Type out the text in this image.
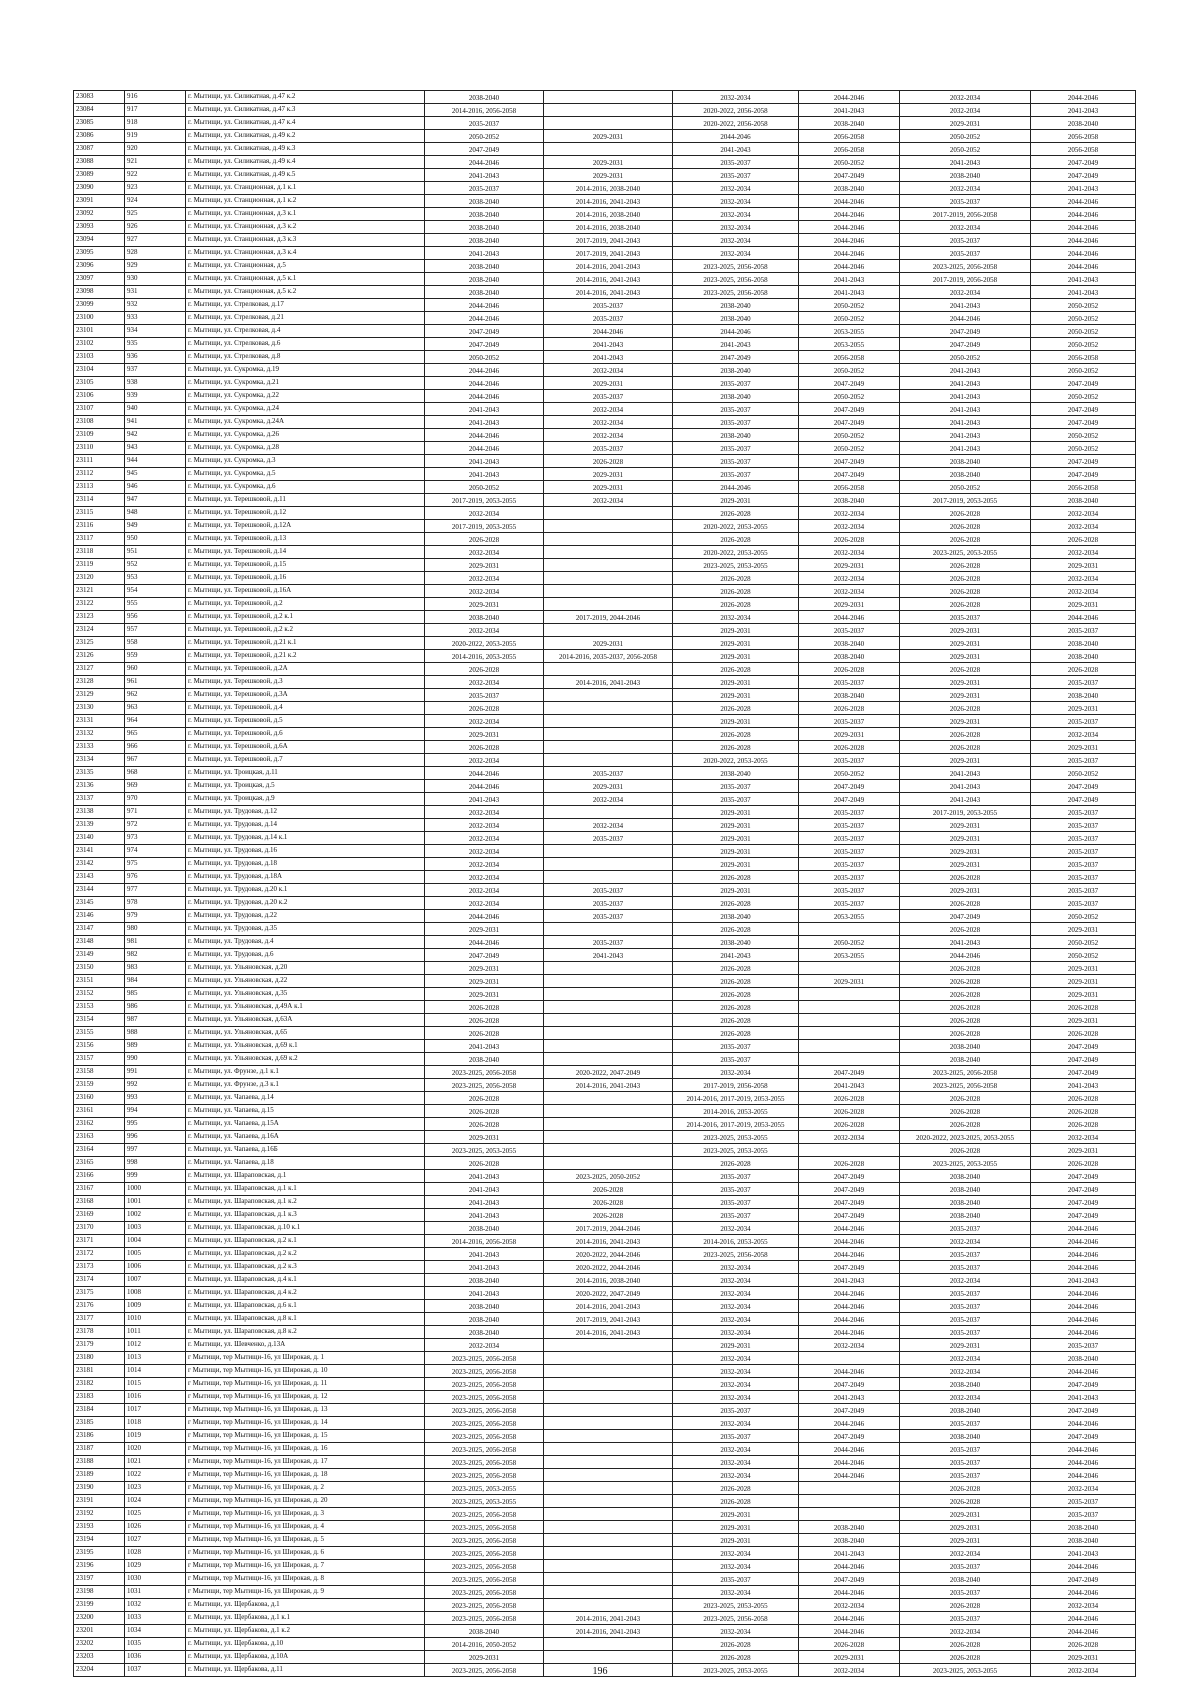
23083	916	г. Мытищи, ул. Силикатная, д.47 к.2	2038-2040		2032-2034	2044-2046	2032-2034	2044-2046
23084	917	г. Мытищи, ул. Силикатная, д.47 к.3	2014-2016, 2056-2058		2020-2022, 2056-2058	2041-2043	2032-2034	2041-2043
23085	918	г. Мытищи, ул. Силикатная, д.47 к.4	2035-2037		2020-2022, 2056-2058	2038-2040	2029-2031	2038-2040
23086	919	г. Мытищи, ул. Силикатная, д.49 к.2	2050-2052	2029-2031	2044-2046	2056-2058	2050-2052	2056-2058
23087	920	г. Мытищи, ул. Силикатная, д.49 к.3	2047-2049		2041-2043	2056-2058	2050-2052	2056-2058
23088	921	г. Мытищи, ул. Силикатная, д.49 к.4	2044-2046	2029-2031	2035-2037	2050-2052	2041-2043	2047-2049
23089	922	г. Мытищи, ул. Силикатная, д.49 к.5	2041-2043	2029-2031	2035-2037	2047-2049	2038-2040	2047-2049
23090	923	г. Мытищи, ул. Станционная, д.1 к.1	2035-2037	2014-2016, 2038-2040	2032-2034	2038-2040	2032-2034	2041-2043
23091	924	г. Мытищи, ул. Станционная, д.1 к.2	2038-2040	2014-2016, 2041-2043	2032-2034	2044-2046	2035-2037	2044-2046
23092	925	г. Мытищи, ул. Станционная, д.3 к.1	2038-2040	2014-2016, 2038-2040	2032-2034	2044-2046	2017-2019, 2056-2058	2044-2046
23093	926	г. Мытищи, ул. Станционная, д.3 к.2	2038-2040	2014-2016, 2038-2040	2032-2034	2044-2046	2032-2034	2044-2046
23094	927	г. Мытищи, ул. Станционная, д.3 к.3	2038-2040	2017-2019, 2041-2043	2032-2034	2044-2046	2035-2037	2044-2046
23095	928	г. Мытищи, ул. Станционная, д.3 к.4	2041-2043	2017-2019, 2041-2043	2032-2034	2044-2046	2035-2037	2044-2046
23096	929	г. Мытищи, ул. Станционная, д.5	2038-2040	2014-2016, 2041-2043	2023-2025, 2056-2058	2044-2046	2023-2025, 2056-2058	2044-2046
23097	930	г. Мытищи, ул. Станционная, д.5 к.1	2038-2040	2014-2016, 2041-2043	2023-2025, 2056-2058	2041-2043	2017-2019, 2056-2058	2041-2043
23098	931	г. Мытищи, ул. Станционная, д.5 к.2	2038-2040	2014-2016, 2041-2043	2023-2025, 2056-2058	2041-2043	2032-2034	2041-2043
23099	932	г. Мытищи, ул. Стрелковая, д.17	2044-2046	2035-2037	2038-2040	2050-2052	2041-2043	2050-2052
23100	933	г. Мытищи, ул. Стрелковая, д.21	2044-2046	2035-2037	2038-2040	2050-2052	2044-2046	2050-2052
23101	934	г. Мытищи, ул. Стрелковая, д.4	2047-2049	2044-2046	2044-2046	2053-2055	2047-2049	2050-2052
23102	935	г. Мытищи, ул. Стрелковая, д.6	2047-2049	2041-2043	2041-2043	2053-2055	2047-2049	2050-2052
23103	936	г. Мытищи, ул. Стрелковая, д.8	2050-2052	2041-2043	2047-2049	2056-2058	2050-2052	2056-2058
23104	937	г. Мытищи, ул. Сукромка, д.19	2044-2046	2032-2034	2038-2040	2050-2052	2041-2043	2050-2052
23105	938	г. Мытищи, ул. Сукромка, д.21	2044-2046	2029-2031	2035-2037	2047-2049	2041-2043	2047-2049
23106	939	г. Мытищи, ул. Сукромка, д.22	2044-2046	2035-2037	2038-2040	2050-2052	2041-2043	2050-2052
23107	940	г. Мытищи, ул. Сукромка, д.24	2041-2043	2032-2034	2035-2037	2047-2049	2041-2043	2047-2049
23108	941	г. Мытищи, ул. Сукромка, д.24А	2041-2043	2032-2034	2035-2037	2047-2049	2041-2043	2047-2049
23109	942	г. Мытищи, ул. Сукромка, д.26	2044-2046	2032-2034	2038-2040	2050-2052	2041-2043	2050-2052
23110	943	г. Мытищи, ул. Сукромка, д.28	2044-2046	2035-2037	2035-2037	2050-2052	2041-2043	2050-2052
23111	944	г. Мытищи, ул. Сукромка, д.3	2041-2043	2026-2028	2035-2037	2047-2049	2038-2040	2047-2049
23112	945	г. Мытищи, ул. Сукромка, д.5	2041-2043	2029-2031	2035-2037	2047-2049	2038-2040	2047-2049
23113	946	г. Мытищи, ул. Сукромка, д.6	2050-2052	2029-2031	2044-2046	2056-2058	2050-2052	2056-2058
23114	947	г. Мытищи, ул. Терешковой, д.11	2017-2019, 2053-2055	2032-2034	2029-2031	2038-2040	2017-2019, 2053-2055	2038-2040
23115	948	г. Мытищи, ул. Терешковой, д.12	2032-2034		2026-2028	2032-2034	2026-2028	2032-2034
23116	949	г. Мытищи, ул. Терешковой, д.12А	2017-2019, 2053-2055		2020-2022, 2053-2055	2032-2034	2026-2028	2032-2034
23117	950	г. Мытищи, ул. Терешковой, д.13	2026-2028		2026-2028	2026-2028	2026-2028	2026-2028
23118	951	г. Мытищи, ул. Терешковой, д.14	2032-2034		2020-2022, 2053-2055	2032-2034	2023-2025, 2053-2055	2032-2034
23119	952	г. Мытищи, ул. Терешковой, д.15	2029-2031		2023-2025, 2053-2055	2029-2031	2026-2028	2029-2031
23120	953	г. Мытищи, ул. Терешковой, д.16	2032-2034		2026-2028	2032-2034	2026-2028	2032-2034
23121	954	г. Мытищи, ул. Терешковой, д.16А	2032-2034		2026-2028	2032-2034	2026-2028	2032-2034
23122	955	г. Мытищи, ул. Терешковой, д.2	2029-2031		2026-2028	2029-2031	2026-2028	2029-2031
23123	956	г. Мытищи, ул. Терешковой, д.2 к.1	2038-2040	2017-2019, 2044-2046	2032-2034	2044-2046	2035-2037	2044-2046
23124	957	г. Мытищи, ул. Терешковой, д.2 к.2	2032-2034		2029-2031	2035-2037	2029-2031	2035-2037
23125	958	г. Мытищи, ул. Терешковой, д.21 к.1	2020-2022, 2053-2055	2029-2031	2029-2031	2038-2040	2029-2031	2038-2040
23126	959	г. Мытищи, ул. Терешковой, д.21 к.2	2014-2016, 2053-2055	2014-2016, 2035-2037, 2056-2058	2029-2031	2038-2040	2029-2031	2038-2040
23127	960	г. Мытищи, ул. Терешковой, д.2А	2026-2028		2026-2028	2026-2028	2026-2028	2026-2028
23128	961	г. Мытищи, ул. Терешковой, д.3	2032-2034	2014-2016, 2041-2043	2029-2031	2035-2037	2029-2031	2035-2037
23129	962	г. Мытищи, ул. Терешковой, д.3А	2035-2037		2029-2031	2038-2040	2029-2031	2038-2040
23130	963	г. Мытищи, ул. Терешковой, д.4	2026-2028		2026-2028	2026-2028	2026-2028	2029-2031
23131	964	г. Мытищи, ул. Терешковой, д.5	2032-2034		2029-2031	2035-2037	2029-2031	2035-2037
23132	965	г. Мытищи, ул. Терешковой, д.6	2029-2031		2026-2028	2029-2031	2026-2028	2032-2034
23133	966	г. Мытищи, ул. Терешковой, д.6А	2026-2028		2026-2028	2026-2028	2026-2028	2029-2031
23134	967	г. Мытищи, ул. Терешковой, д.7	2032-2034		2020-2022, 2053-2055	2035-2037	2029-2031	2035-2037
23135	968	г. Мытищи, ул. Троицкая, д.11	2044-2046	2035-2037	2038-2040	2050-2052	2041-2043	2050-2052
23136	969	г. Мытищи, ул. Троицкая, д.5	2044-2046	2029-2031	2035-2037	2047-2049	2041-2043	2047-2049
23137	970	г. Мытищи, ул. Троицкая, д.9	2041-2043	2032-2034	2035-2037	2047-2049	2041-2043	2047-2049
23138	971	г. Мытищи, ул. Трудовая, д.12	2032-2034		2029-2031	2035-2037	2017-2019, 2053-2055	2035-2037
23139	972	г. Мытищи, ул. Трудовая, д.14	2032-2034	2032-2034	2029-2031	2035-2037	2029-2031	2035-2037
23140	973	г. Мытищи, ул. Трудовая, д.14 к.1	2032-2034	2035-2037	2029-2031	2035-2037	2029-2031	2035-2037
23141	974	г. Мытищи, ул. Трудовая, д.16	2032-2034		2029-2031	2035-2037	2029-2031	2035-2037
23142	975	г. Мытищи, ул. Трудовая, д.18	2032-2034		2029-2031	2035-2037	2029-2031	2035-2037
23143	976	г. Мытищи, ул. Трудовая, д.18А	2032-2034		2026-2028	2035-2037	2026-2028	2035-2037
23144	977	г. Мытищи, ул. Трудовая, д.20 к.1	2032-2034	2035-2037	2029-2031	2035-2037	2029-2031	2035-2037
23145	978	г. Мытищи, ул. Трудовая, д.20 к.2	2032-2034	2035-2037	2026-2028	2035-2037	2026-2028	2035-2037
23146	979	г. Мытищи, ул. Трудовая, д.22	2044-2046	2035-2037	2038-2040	2053-2055	2047-2049	2050-2052
23147	980	г. Мытищи, ул. Трудовая, д.35	2029-2031		2026-2028		2026-2028	2029-2031
23148	981	г. Мытищи, ул. Трудовая, д.4	2044-2046	2035-2037	2038-2040	2050-2052	2041-2043	2050-2052
23149	982	г. Мытищи, ул. Трудовая, д.6	2047-2049	2041-2043	2041-2043	2053-2055	2044-2046	2050-2052
23150	983	г. Мытищи, ул. Ульяновская, д.20	2029-2031		2026-2028		2026-2028	2029-2031
23151	984	г. Мытищи, ул. Ульяновская, д.22	2029-2031		2026-2028	2029-2031	2026-2028	2029-2031
23152	985	г. Мытищи, ул. Ульяновская, д.35	2029-2031		2026-2028		2026-2028	2029-2031
23153	986	г. Мытищи, ул. Ульяновская, д.49А к.1	2026-2028		2026-2028		2026-2028	2026-2028
23154	987	г. Мытищи, ул. Ульяновская, д.63А	2026-2028		2026-2028		2026-2028	2029-2031
23155	988	г. Мытищи, ул. Ульяновская, д.65	2026-2028		2026-2028		2026-2028	2026-2028
23156	989	г. Мытищи, ул. Ульяновская, д.69 к.1	2041-2043		2035-2037		2038-2040	2047-2049
23157	990	г. Мытищи, ул. Ульяновская, д.69 к.2	2038-2040		2035-2037		2038-2040	2047-2049
23158	991	г. Мытищи, ул. Фрунзе, д.1 к.1	2023-2025, 2056-2058	2020-2022, 2047-2049	2032-2034	2047-2049	2023-2025, 2056-2058	2047-2049
23159	992	г. Мытищи, ул. Фрунзе, д.3 к.1	2023-2025, 2056-2058	2014-2016, 2041-2043	2017-2019, 2056-2058	2041-2043	2023-2025, 2056-2058	2041-2043
23160	993	г. Мытищи, ул. Чапаева, д.14	2026-2028		2014-2016, 2017-2019, 2053-2055	2026-2028	2026-2028	2026-2028
23161	994	г. Мытищи, ул. Чапаева, д.15	2026-2028		2014-2016, 2053-2055	2026-2028	2026-2028	2026-2028
23162	995	г. Мытищи, ул. Чапаева, д.15А	2026-2028		2014-2016, 2017-2019, 2053-2055	2026-2028	2026-2028	2026-2028
23163	996	г. Мытищи, ул. Чапаева, д.16А	2029-2031		2023-2025, 2053-2055	2032-2034	2020-2022, 2023-2025, 2053-2055	2032-2034
23164	997	г. Мытищи, ул. Чапаева, д.16Б	2023-2025, 2053-2055		2023-2025, 2053-2055		2026-2028	2029-2031
23165	998	г. Мытищи, ул. Чапаева, д.18	2026-2028		2026-2028	2026-2028	2023-2025, 2053-2055	2026-2028
23166	999	г. Мытищи, ул. Шараповская, д.1	2041-2043	2023-2025, 2050-2052	2035-2037	2047-2049	2038-2040	2047-2049
23167	1000	г. Мытищи, ул. Шараповская, д.1 к.1	2041-2043	2026-2028	2035-2037	2047-2049	2038-2040	2047-2049
23168	1001	г. Мытищи, ул. Шараповская, д.1 к.2	2041-2043	2026-2028	2035-2037	2047-2049	2038-2040	2047-2049
23169	1002	г. Мытищи, ул. Шараповская, д.1 к.3	2041-2043	2026-2028	2035-2037	2047-2049	2038-2040	2047-2049
23170	1003	г. Мытищи, ул. Шараповская, д.10 к.1	2038-2040	2017-2019, 2044-2046	2032-2034	2044-2046	2035-2037	2044-2046
23171	1004	г. Мытищи, ул. Шараповская, д.2 к.1	2014-2016, 2056-2058	2014-2016, 2041-2043	2014-2016, 2053-2055	2044-2046	2032-2034	2044-2046
23172	1005	г. Мытищи, ул. Шараповская, д.2 к.2	2041-2043	2020-2022, 2044-2046	2023-2025, 2056-2058	2044-2046	2035-2037	2044-2046
23173	1006	г. Мытищи, ул. Шараповская, д.2 к.3	2041-2043	2020-2022, 2044-2046	2032-2034	2047-2049	2035-2037	2044-2046
23174	1007	г. Мытищи, ул. Шараповская, д.4 к.1	2038-2040	2014-2016, 2038-2040	2032-2034	2041-2043	2032-2034	2041-2043
23175	1008	г. Мытищи, ул. Шараповская, д.4 к.2	2041-2043	2020-2022, 2047-2049	2032-2034	2044-2046	2035-2037	2044-2046
23176	1009	г. Мытищи, ул. Шараповская, д.6 к.1	2038-2040	2014-2016, 2041-2043	2032-2034	2044-2046	2035-2037	2044-2046
23177	1010	г. Мытищи, ул. Шараповская, д.8 к.1	2038-2040	2017-2019, 2041-2043	2032-2034	2044-2046	2035-2037	2044-2046
23178	1011	г. Мытищи, ул. Шараповская, д.8 к.2	2038-2040	2014-2016, 2041-2043	2032-2034	2044-2046	2035-2037	2044-2046
23179	1012	г. Мытищи, ул. Шевченко, д.13А	2032-2034		2029-2031	2032-2034	2029-2031	2035-2037
23180	1013	г Мытищи, тер Мытищи-16, ул Широкая, д. 1	2023-2025, 2056-2058		2032-2034		2032-2034	2038-2040
23181	1014	г Мытищи, тер Мытищи-16, ул Широкая, д. 10	2023-2025, 2056-2058		2032-2034	2044-2046	2032-2034	2044-2046
23182	1015	г Мытищи, тер Мытищи-16, ул Широкая, д. 11	2023-2025, 2056-2058		2032-2034	2047-2049	2038-2040	2047-2049
23183	1016	г Мытищи, тер Мытищи-16, ул Широкая, д. 12	2023-2025, 2056-2058		2032-2034	2041-2043	2032-2034	2041-2043
23184	1017	г Мытищи, тер Мытищи-16, ул Широкая, д. 13	2023-2025, 2056-2058		2035-2037	2047-2049	2038-2040	2047-2049
23185	1018	г Мытищи, тер Мытищи-16, ул Широкая, д. 14	2023-2025, 2056-2058		2032-2034	2044-2046	2035-2037	2044-2046
23186	1019	г Мытищи, тер Мытищи-16, ул Широкая, д. 15	2023-2025, 2056-2058		2035-2037	2047-2049	2038-2040	2047-2049
23187	1020	г Мытищи, тер Мытищи-16, ул Широкая, д. 16	2023-2025, 2056-2058		2032-2034	2044-2046	2035-2037	2044-2046
23188	1021	г Мытищи, тер Мытищи-16, ул Широкая, д. 17	2023-2025, 2056-2058		2032-2034	2044-2046	2035-2037	2044-2046
23189	1022	г Мытищи, тер Мытищи-16, ул Широкая, д. 18	2023-2025, 2056-2058		2032-2034	2044-2046	2035-2037	2044-2046
23190	1023	г Мытищи, тер Мытищи-16, ул Широкая, д. 2	2023-2025, 2053-2055		2026-2028		2026-2028	2032-2034
23191	1024	г Мытищи, тер Мытищи-16, ул Широкая, д. 20	2023-2025, 2053-2055		2026-2028		2026-2028	2035-2037
23192	1025	г Мытищи, тер Мытищи-16, ул Широкая, д. 3	2023-2025, 2056-2058		2029-2031		2029-2031	2035-2037
23193	1026	г Мытищи, тер Мытищи-16, ул Широкая, д. 4	2023-2025, 2056-2058		2029-2031	2038-2040	2029-2031	2038-2040
23194	1027	г Мытищи, тер Мытищи-16, ул Широкая, д. 5	2023-2025, 2056-2058		2029-2031	2038-2040	2029-2031	2038-2040
23195	1028	г Мытищи, тер Мытищи-16, ул Широкая, д. 6	2023-2025, 2056-2058		2032-2034	2041-2043	2032-2034	2041-2043
23196	1029	г Мытищи, тер Мытищи-16, ул Широкая, д. 7	2023-2025, 2056-2058		2032-2034	2044-2046	2035-2037	2044-2046
23197	1030	г Мытищи, тер Мытищи-16, ул Широкая, д. 8	2023-2025, 2056-2058		2035-2037	2047-2049	2038-2040	2047-2049
23198	1031	г Мытищи, тер Мытищи-16, ул Широкая, д. 9	2023-2025, 2056-2058		2032-2034	2044-2046	2035-2037	2044-2046
23199	1032	г. Мытищи, ул. Щербакова, д.1	2023-2025, 2056-2058		2023-2025, 2053-2055	2032-2034	2026-2028	2032-2034
23200	1033	г. Мытищи, ул. Щербакова, д.1 к.1	2023-2025, 2056-2058	2014-2016, 2041-2043	2023-2025, 2056-2058	2044-2046	2035-2037	2044-2046
23201	1034	г. Мытищи, ул. Щербакова, д.1 к.2	2038-2040	2014-2016, 2041-2043	2032-2034	2044-2046	2032-2034	2044-2046
23202	1035	г. Мытищи, ул. Щербакова, д.10	2014-2016, 2050-2052		2026-2028	2026-2028	2026-2028	2026-2028
23203	1036	г. Мытищи, ул. Щербакова, д.10А	2029-2031		2026-2028	2029-2031	2026-2028	2029-2031
23204	1037	г. Мытищи, ул. Щербакова, д.11	2023-2025, 2056-2058		2023-2025, 2053-2055	2032-2034	2023-2025, 2053-2055	2032-2034
196
